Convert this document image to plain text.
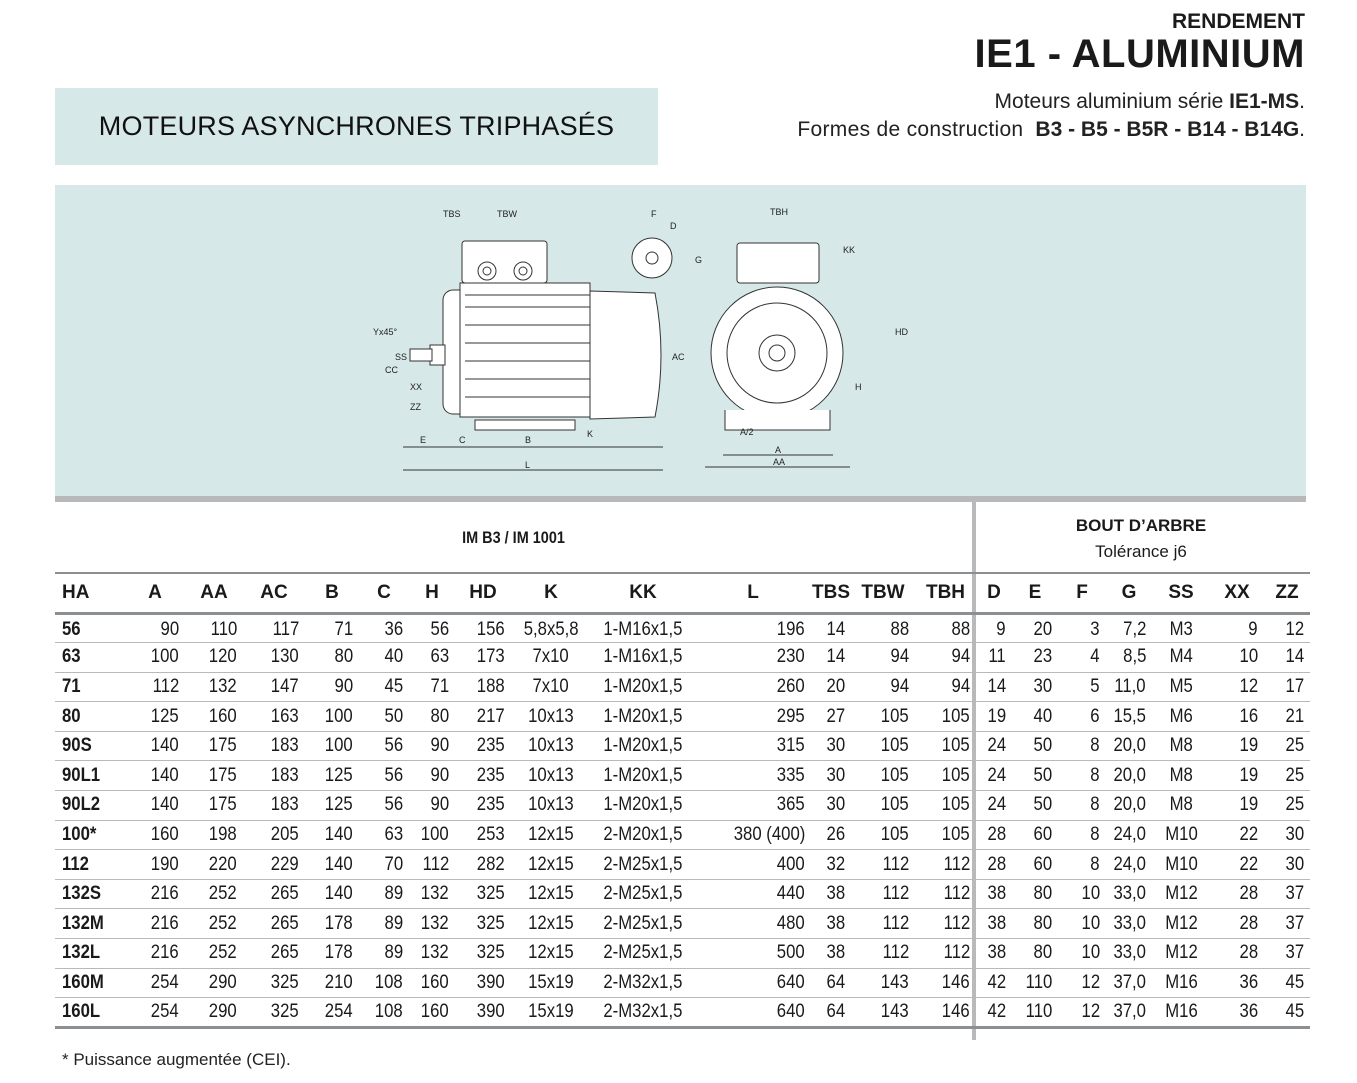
RENDEMENT
IE1 - ALUMINIUM
Moteurs aluminium série IE1-MS.
Formes de construction B3 - B5 - B5R - B14 - B14G.
MOTEURS ASYNCHRONES TRIPHASÉS
Yx45°
SS
CC
XX
ZZ
TBS	TBW
AC
E	C	B
K
L
F
D
G
TBH
KK
HD
H
A/2
A
AA
IM B3 / IM 1001
BOUT D’ARBRE
Tolérance j6
HA	A	AA	AC	B	C	H	HD	K	KK	L	TBS	TBW	TBH	D	E	F	G	SS	XX	ZZ
56	90	110	117	71	36	56	156	5,8x5,8	1-M16x1,5	196	14	88	88	9	20	3	7,2	M3	9	12
63	100	120	130	80	40	63	173	7x10	1-M16x1,5	230	14	94	94	11	23	4	8,5	M4	10	14
71	112	132	147	90	45	71	188	7x10	1-M20x1,5	260	20	94	94	14	30	5	11,0	M5	12	17
80	125	160	163	100	50	80	217	10x13	1-M20x1,5	295	27	105	105	19	40	6	15,5	M6	16	21
90S	140	175	183	100	56	90	235	10x13	1-M20x1,5	315	30	105	105	24	50	8	20,0	M8	19	25
90L1	140	175	183	125	56	90	235	10x13	1-M20x1,5	335	30	105	105	24	50	8	20,0	M8	19	25
90L2	140	175	183	125	56	90	235	10x13	1-M20x1,5	365	30	105	105	24	50	8	20,0	M8	19	25
100*	160	198	205	140	63	100	253	12x15	2-M20x1,5	380 (400)	26	105	105	28	60	8	24,0	M10	22	30
112	190	220	229	140	70	112	282	12x15	2-M25x1,5	400	32	112	112	28	60	8	24,0	M10	22	30
132S	216	252	265	140	89	132	325	12x15	2-M25x1,5	440	38	112	112	38	80	10	33,0	M12	28	37
132M	216	252	265	178	89	132	325	12x15	2-M25x1,5	480	38	112	112	38	80	10	33,0	M12	28	37
132L	216	252	265	178	89	132	325	12x15	2-M25x1,5	500	38	112	112	38	80	10	33,0	M12	28	37
160M	254	290	325	210	108	160	390	15x19	2-M32x1,5	640	64	143	146	42	110	12	37,0	M16	36	45
160L	254	290	325	254	108	160	390	15x19	2-M32x1,5	640	64	143	146	42	110	12	37,0	M16	36	45
* Puissance augmentée (CEI).
